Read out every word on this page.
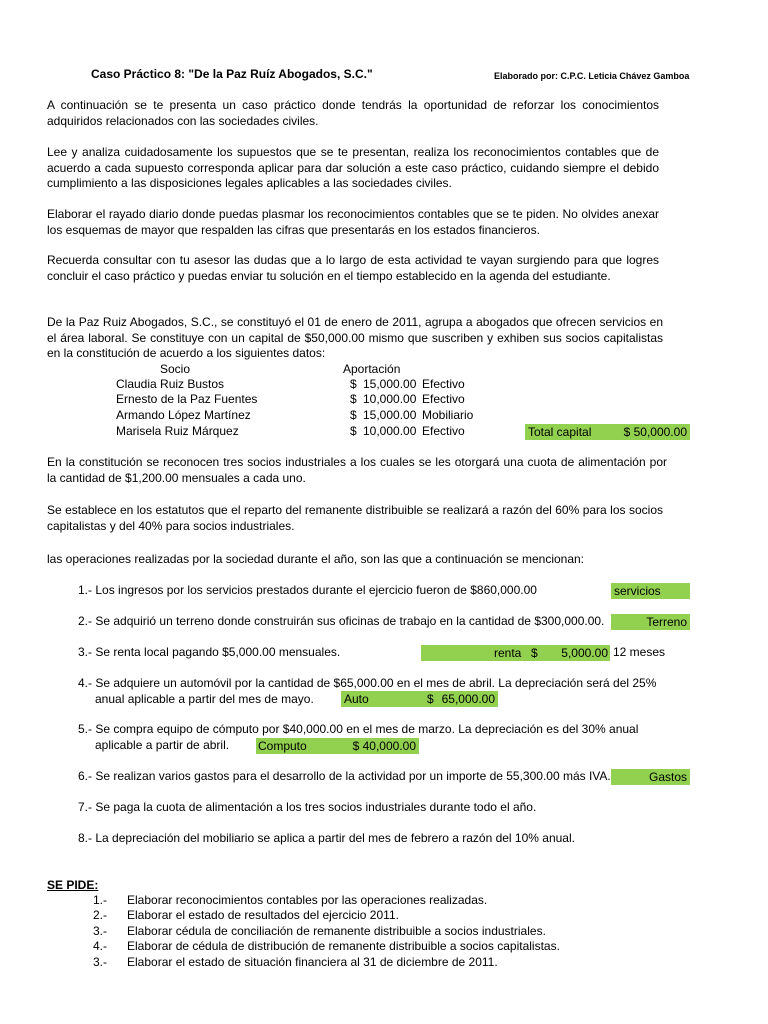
Caso Práctico 8: "De la Paz Ruíz Abogados, S.C."	Elaborado por: C.P.C. Leticia Chávez Gamboa
A continuación se te presenta un caso práctico donde tendrás la oportunidad de reforzar los conocimientos adquiridos relacionados con las sociedades civiles.
Lee y analiza cuidadosamente los supuestos que se te presentan, realiza los reconocimientos contables que de acuerdo a cada supuesto corresponda aplicar para dar solución a este caso práctico, cuidando siempre el debido cumplimiento a las disposiciones legales aplicables a las sociedades civiles.
Elaborar el rayado diario donde puedas plasmar los reconocimientos contables que se te piden. No olvides anexar los esquemas de mayor que respalden las cifras que presentarás en los estados financieros.
Recuerda consultar con tu asesor las dudas que a lo largo de esta actividad te vayan surgiendo para que logres concluir el caso práctico y puedas enviar tu solución en el tiempo establecido en la agenda del estudiante.
De la Paz Ruiz Abogados, S.C., se constituyó el 01 de enero de 2011, agrupa a abogados que ofrecen servicios en el área laboral. Se constituye con un capital de $50,000.00 mismo que suscriben y exhiben sus socios capitalistas en la constitución de acuerdo a los siguientes datos:
Socio	Aportación
Claudia Ruiz Bustos	$ 15,000.00 Efectivo
Ernesto de la Paz Fuentes	$ 10,000.00 Efectivo
Armando López Martínez	$ 15,000.00 Mobiliario
Marisela Ruiz Márquez	$ 10,000.00 Efectivo	Total capital	$ 50,000.00
En la constitución se reconocen tres socios industriales a los cuales se les otorgará una cuota de alimentación por la cantidad de $1,200.00 mensuales a cada uno.
Se establece en los estatutos que el reparto del remanente distribuible se realizará a razón del 60% para los socios capitalistas y del 40% para socios industriales.
las operaciones realizadas por la sociedad durante el año, son las que a continuación se mencionan:
1.- Los ingresos por los servicios prestados durante el ejercicio fueron de $860,000.00	servicios
2.- Se adquirió un terreno donde construirán sus oficinas de trabajo en la cantidad de $300,000.00.	Terreno
3.- Se renta local pagando $5,000.00 mensuales.	renta $ 5,000.00 12 meses
4.- Se adquiere un automóvil por la cantidad de $65,000.00 en el mes de abril. La depreciación será del 25%
anual aplicable a partir del mes de mayo.	Auto	$ 65,000.00
5.- Se compra equipo de cómputo por $40,000.00 en el mes de marzo. La depreciación es del 30% anual
aplicable a partir de abril. Computo	$ 40,000.00
6.- Se realizan varios gastos para el desarrollo de la actividad por un importe de 55,300.00 más IVA.	Gastos
7.- Se paga la cuota de alimentación a los tres socios industriales durante todo el año.
8.- La depreciación del mobiliario se aplica a partir del mes de febrero a razón del 10% anual.
SE PIDE:
1.- Elaborar reconocimientos contables por las operaciones realizadas.
2.- Elaborar el estado de resultados del ejercicio 2011.
3.- Elaborar cédula de conciliación de remanente distribuible a socios industriales.
4.- Elaborar de cédula de distribución de remanente distribuible a socios capitalistas.
3.- Elaborar el estado de situación financiera al 31 de diciembre de 2011.
